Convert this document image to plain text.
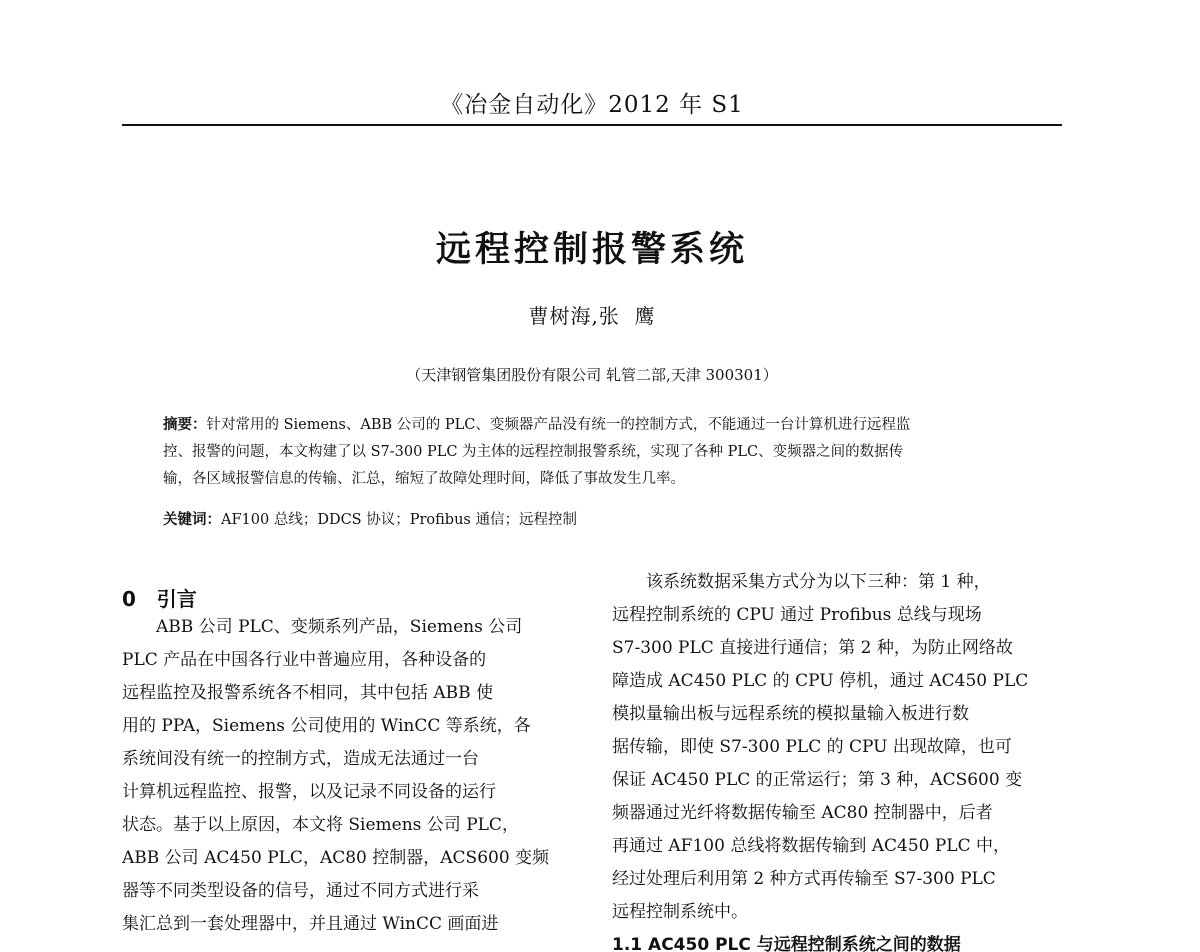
《冶金自动化》2012 年 S1
远程控制报警系统
曹树海,张  鹰
（天津钢管集团股份有限公司 轧管二部,天津 300301）
摘要：针对常用的 Siemens、ABB 公司的 PLC、变频器产品没有统一的控制方式，不能通过一台计算机进行远程监
控、报警的问题，本文构建了以 S7-300 PLC 为主体的远程控制报警系统，实现了各种 PLC、变频器之间的数据传
输，各区域报警信息的传输、汇总，缩短了故障处理时间，降低了事故发生几率。
关键词：AF100 总线；DDCS 协议；Profibus 通信；远程控制
0   引言
ABB 公司 PLC、变频系列产品，Siemens 公司
PLC 产品在中国各行业中普遍应用，各种设备的
远程监控及报警系统各不相同，其中包括 ABB 使
用的 PPA，Siemens 公司使用的 WinCC 等系统，各
系统间没有统一的控制方式，造成无法通过一台
计算机远程监控、报警，以及记录不同设备的运行
状态。基于以上原因，本文将 Siemens 公司 PLC，
ABB 公司 AC450 PLC，AC80 控制器，ACS600 变频
器等不同类型设备的信号，通过不同方式进行采
集汇总到一套处理器中，并且通过 WinCC 画面进
该系统数据采集方式分为以下三种：第 1 种，
远程控制系统的 CPU 通过 Profibus 总线与现场
S7-300 PLC 直接进行通信；第 2 种，为防止网络故
障造成 AC450 PLC 的 CPU 停机，通过 AC450 PLC
模拟量输出板与远程系统的模拟量输入板进行数
据传输，即使 S7-300 PLC 的 CPU 出现故障，也可
保证 AC450 PLC 的正常运行；第 3 种，ACS600 变
频器通过光纤将数据传输至 AC80 控制器中，后者
再通过 AF100 总线将数据传输到 AC450 PLC 中，
经过处理后利用第 2 种方式再传输至 S7-300 PLC
远程控制系统中。
1.1 AC450 PLC 与远程控制系统之间的数据
